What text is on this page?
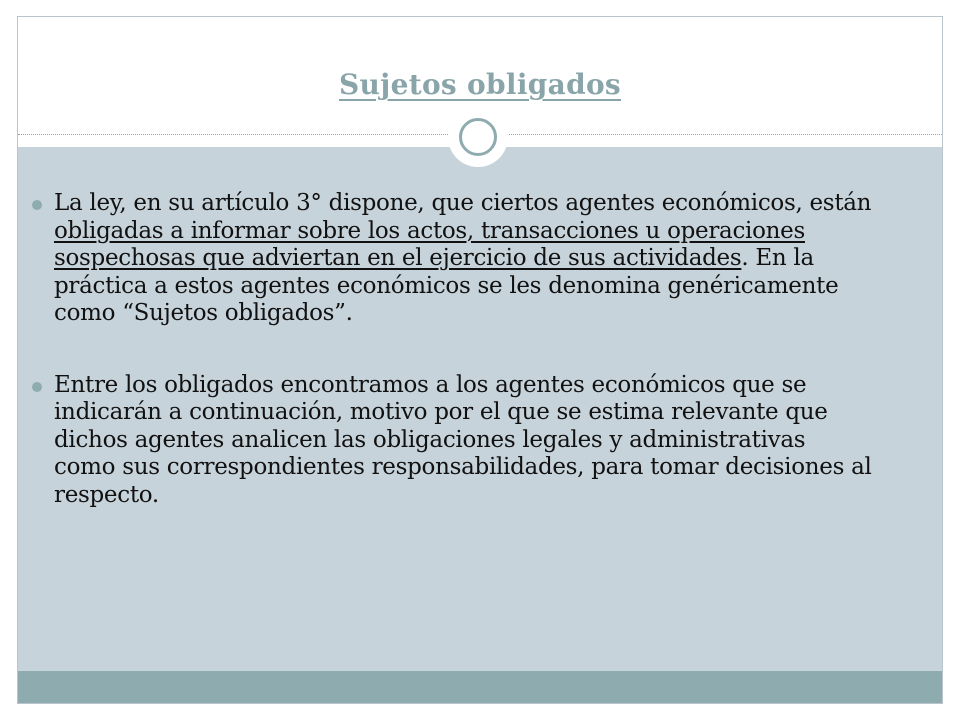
Sujetos obligados
La ley, en su artículo 3° dispone, que ciertos agentes económicos, están obligadas a informar sobre los actos, transacciones u operaciones sospechosas que adviertan en el ejercicio de sus actividades. En la práctica a estos agentes económicos se les denomina genéricamente como “Sujetos obligados”.
Entre los obligados encontramos a los agentes económicos que se indicarán a continuación, motivo por el que se estima relevante que dichos agentes analicen las obligaciones legales y administrativas como sus correspondientes responsabilidades, para tomar decisiones al respecto.
